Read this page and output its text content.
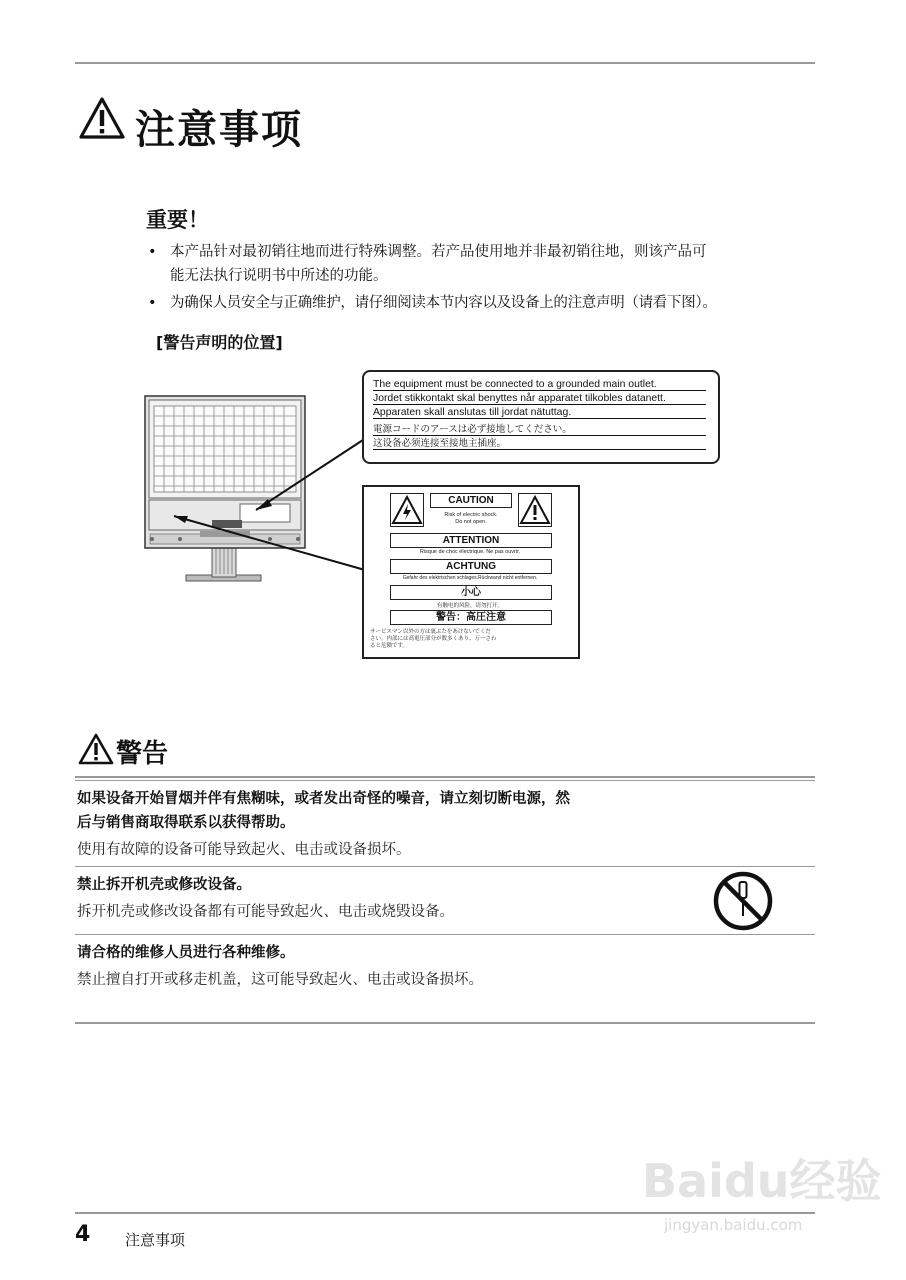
注意事项
重要！
• 本产品针对最初销往地而进行特殊调整。若产品使用地并非最初销往地，则该产品可
能无法执行说明书中所述的功能。
• 为确保人员安全与正确维护，请仔细阅读本节内容以及设备上的注意声明（请看下图）。
[警告声明的位置]
The equipment must be connected to a grounded main outlet.
Jordet stikkontakt skal benyttes når apparatet tilkobles datanett.
Apparaten skall anslutas till jordat nätuttag.
電源コードのアースは必ず接地してください。
这设备必须连接至接地主插座。
CAUTION
Risk of electric shock.
Do not open.
ATTENTION
Risque de choc électrique. Ne pas ouvrir.
ACHTUNG
Gefahr des elektrischen schlages.Rückwand nicht entfernen.
小心
有触电的风险，请勿打开。
警告：高圧注意
サービスマン以外の方は裏ぶたをあけないでくだ
さい。内部には高電圧部分が数多くあり、万一さわ
ると危険です。
警告
如果设备开始冒烟并伴有焦糊味，或者发出奇怪的噪音，请立刻切断电源，然
后与销售商取得联系以获得帮助。
使用有故障的设备可能导致起火、电击或设备损坏。
禁止拆开机壳或修改设备。
拆开机壳或修改设备都有可能导致起火、电击或烧毁设备。
请合格的维修人员进行各种维修。
禁止擅自打开或移走机盖，这可能导致起火、电击或设备损坏。
Baidu经验
jingyan.baidu.com
4 注意事项
